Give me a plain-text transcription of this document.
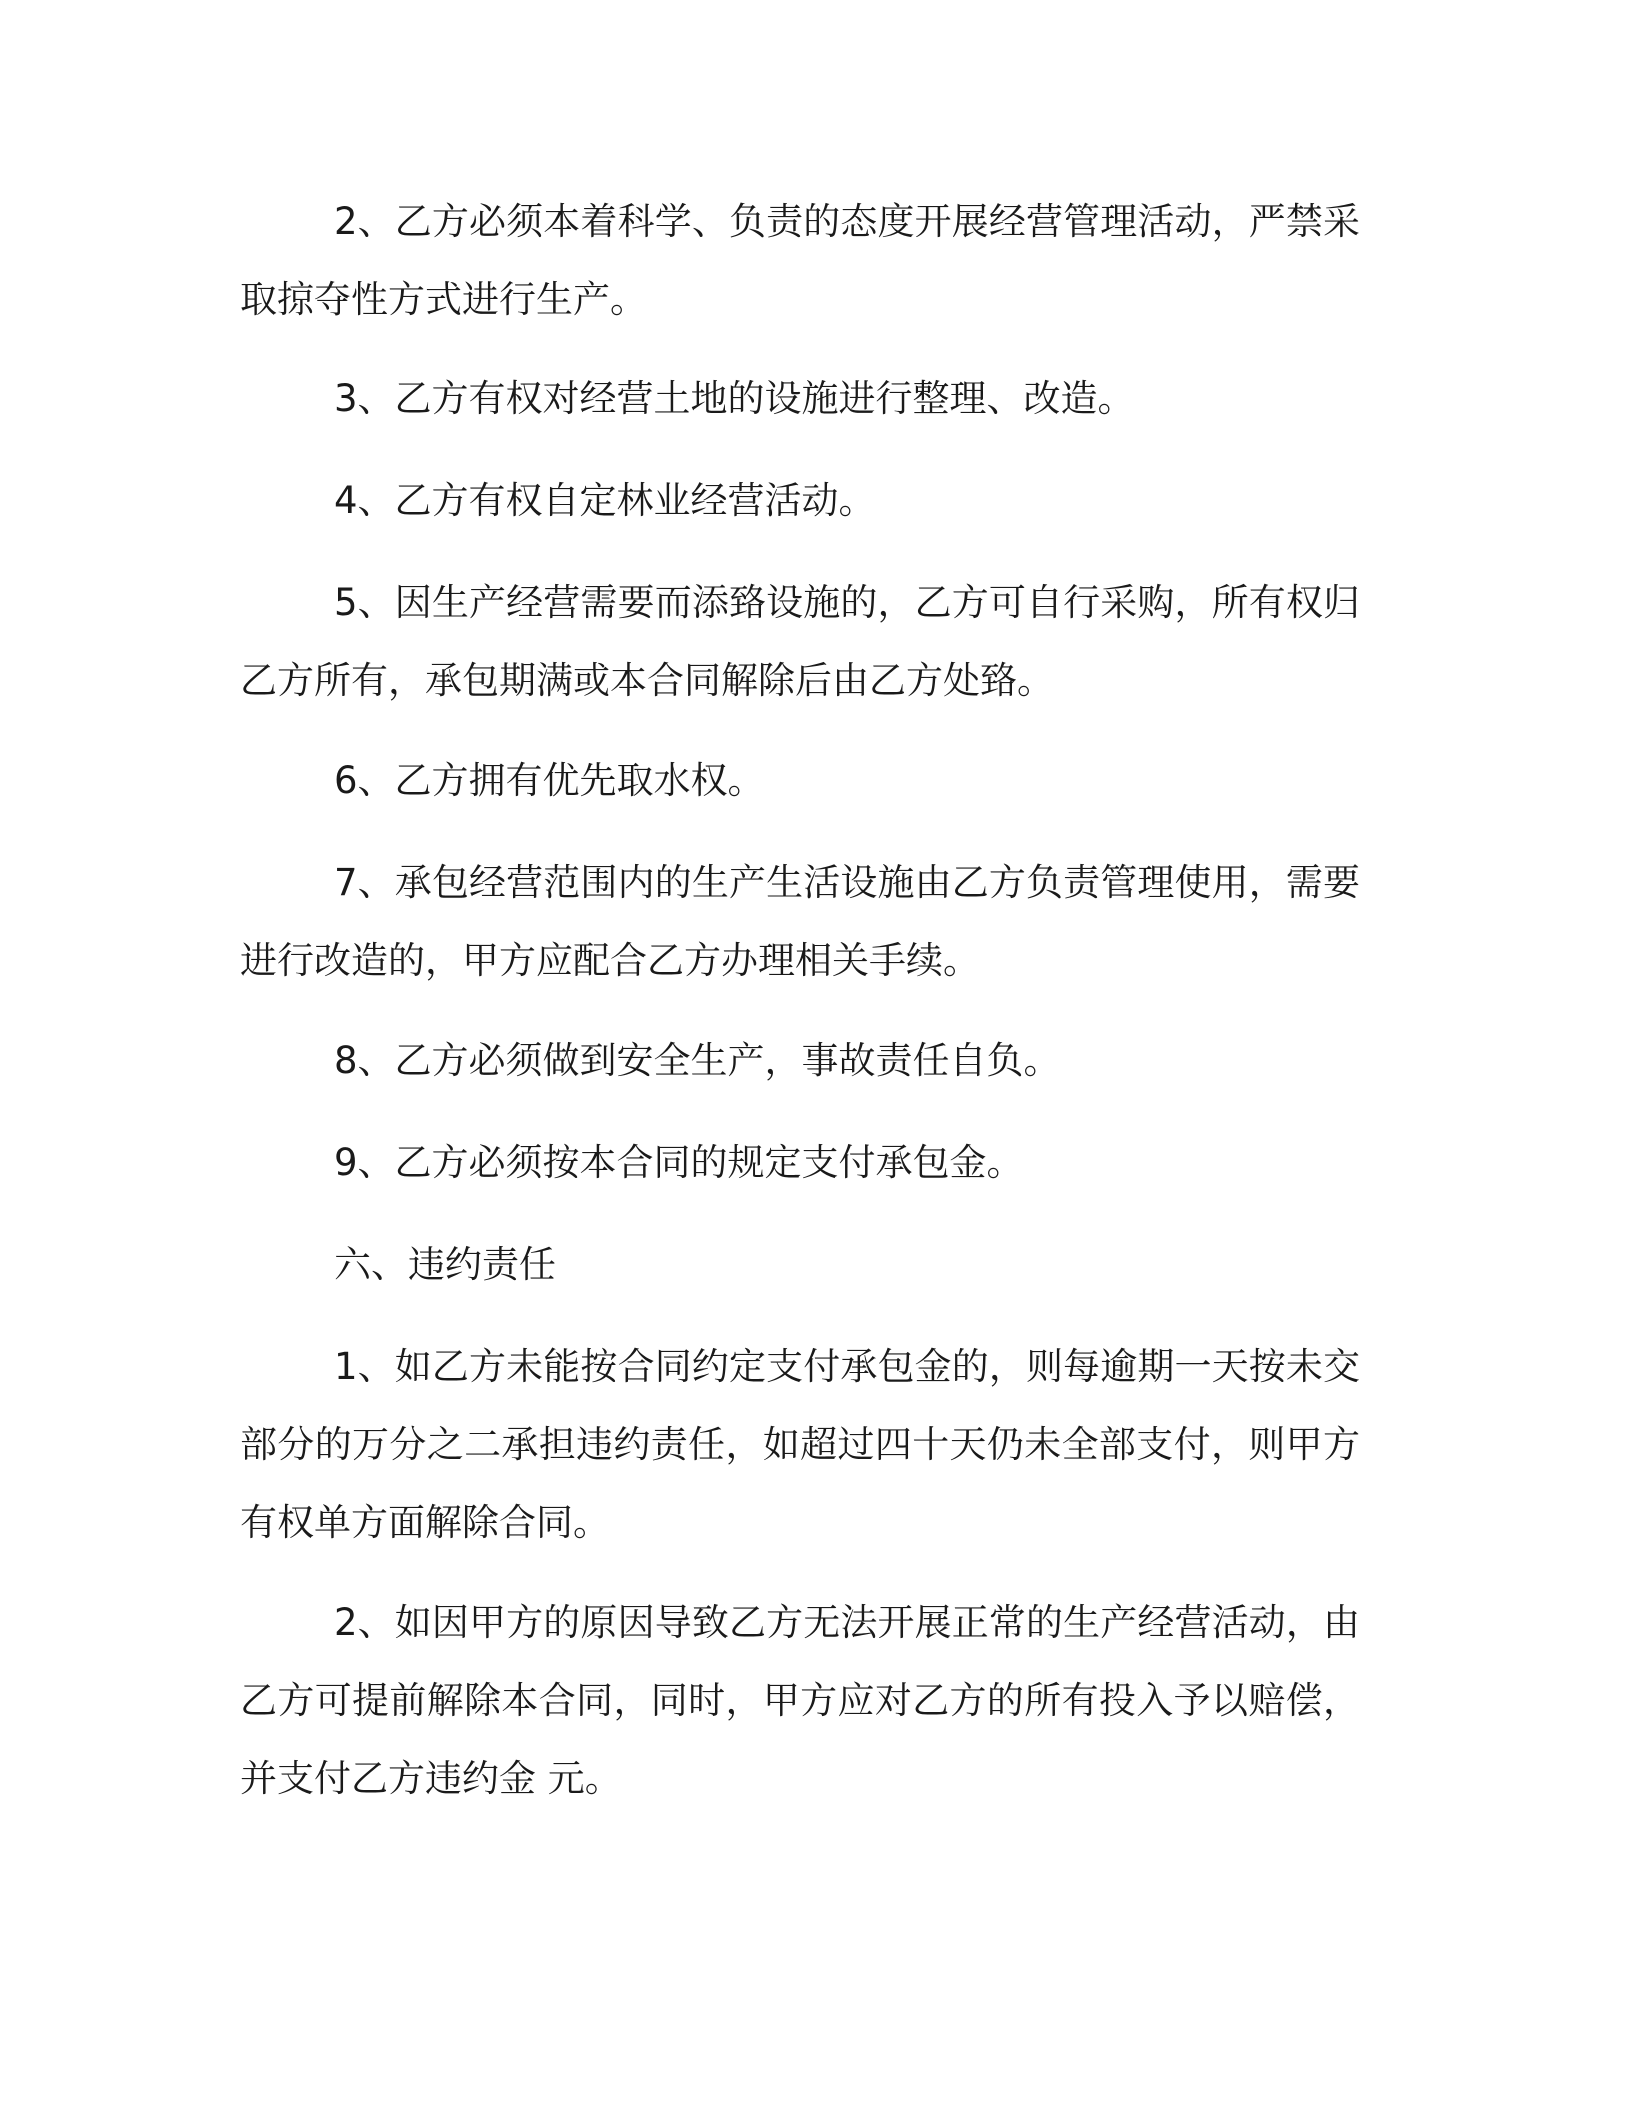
2、乙方必须本着科学、负责的态度开展经营管理活动，严禁采取掠夺性方式进行生产。

3、乙方有权对经营土地的设施进行整理、改造。

4、乙方有权自定林业经营活动。

5、因生产经营需要而添臵设施的，乙方可自行采购，所有权归乙方所有，承包期满或本合同解除后由乙方处臵。

6、乙方拥有优先取水权。

7、承包经营范围内的生产生活设施由乙方负责管理使用，需要进行改造的，甲方应配合乙方办理相关手续。

8、乙方必须做到安全生产，事故责任自负。

9、乙方必须按本合同的规定支付承包金。

六、违约责任

1、如乙方未能按合同约定支付承包金的，则每逾期一天按未交部分的万分之二承担违约责任，如超过四十天仍未全部支付，则甲方有权单方面解除合同。

2、如因甲方的原因导致乙方无法开展正常的生产经营活动，由乙方可提前解除本合同，同时，甲方应对乙方的所有投入予以赔偿，并支付乙方违约金 元。
